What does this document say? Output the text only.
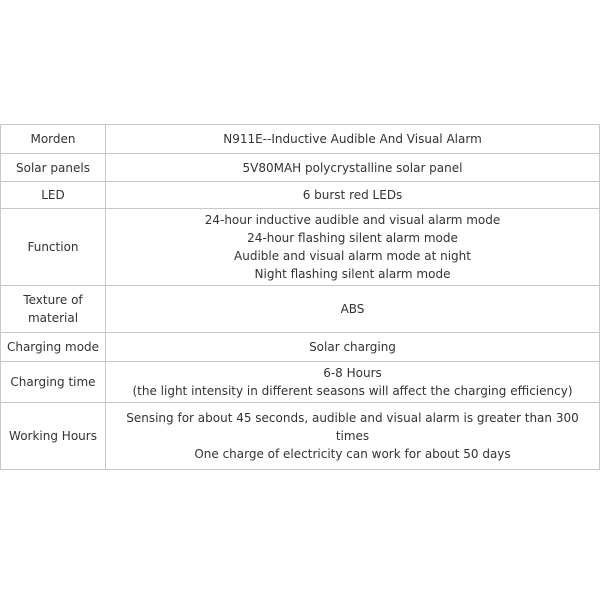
Morden	N911E--Inductive Audible And Visual Alarm

Solar panels	5V80MAH polycrystalline solar panel

LED	6 burst red LEDs

Function	24-hour inductive audible and visual alarm mode
24-hour flashing silent alarm mode
Audible and visual alarm mode at night
Night flashing silent alarm mode

Texture of material	ABS

Charging mode	Solar charging

Charging time	6-8 Hours
(the light intensity in different seasons will affect the charging efficiency)

Working Hours	Sensing for about 45 seconds, audible and visual alarm is greater than 300 times
One charge of electricity can work for about 50 days
